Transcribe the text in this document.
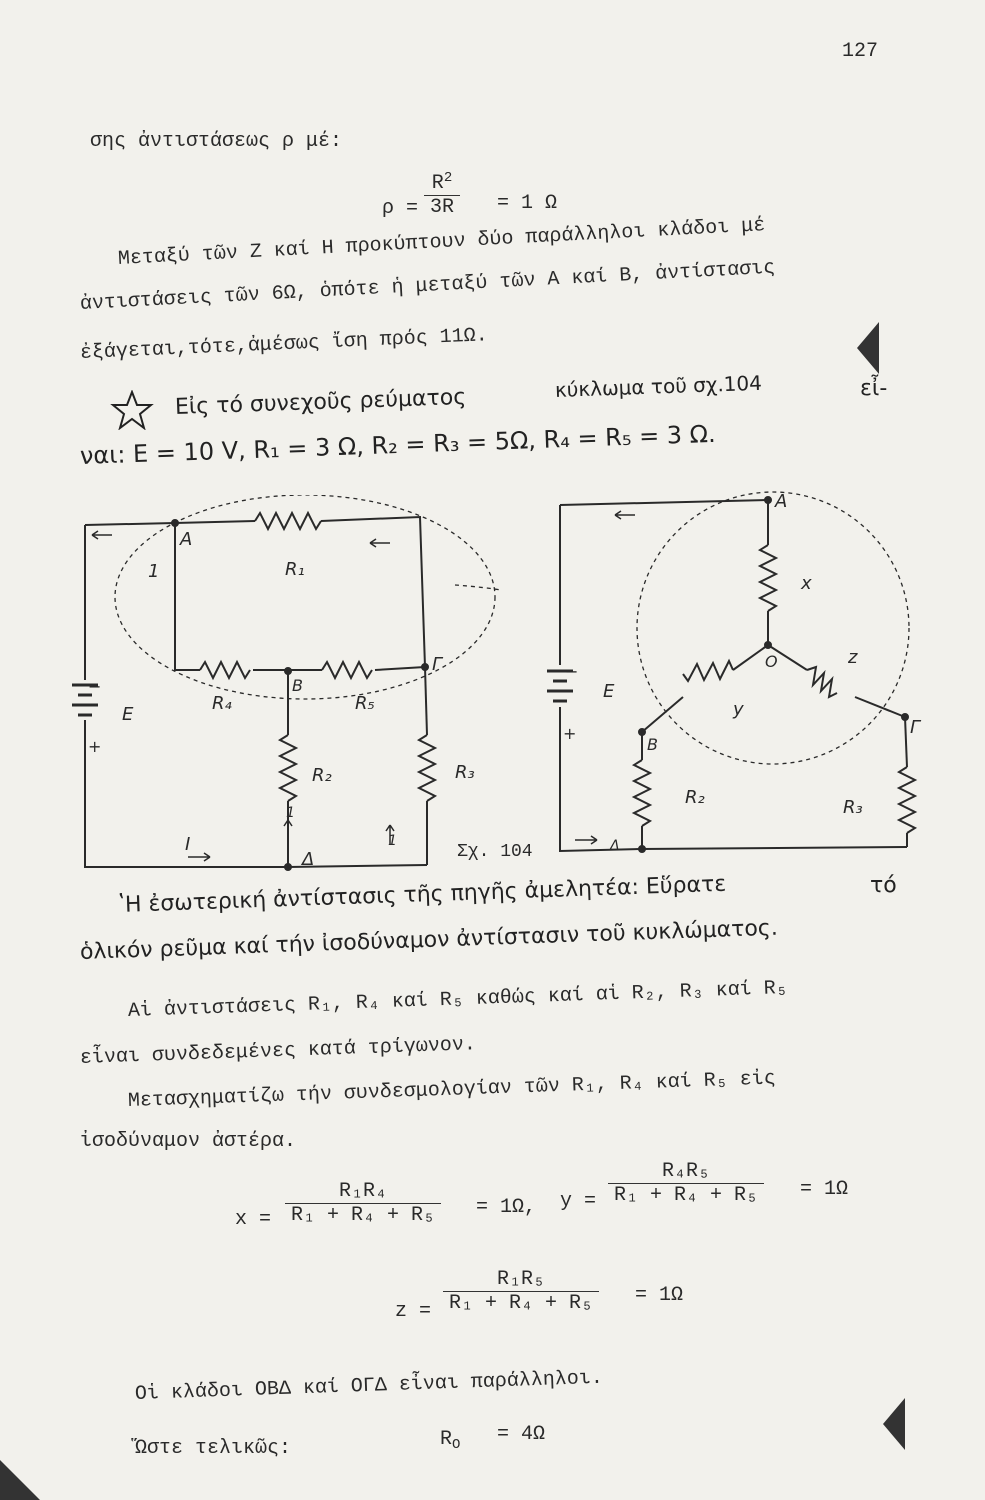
127
σης ἀντιστάσεως ρ μέ:
$\rho = \frac{R^2}{3R} = 1$ Ω
Μεταξύ τῶν Ζ καί Η προκύπτουν δύο παράλληλοι κλάδοι μέ
ἀντιστάσεις τῶν 6Ω, ὁπότε ἡ μεταξύ τῶν Α καί Β, ἀντίστασις
ἐξάγεται,τότε,ἀμέσως ἴση πρός 11Ω.
Εἰς τό συνεχοῦς ρεύματος	κύκλωμα τοῦ σχ.104	εἶ-
ναι: E = 10 V, R₁ = 3 Ω, R₂ = R₃ = 5Ω, R₄ = R₅ = 3 Ω.
A
B
Γ
Δ
E
R₁
R₂	R₃
R₄	R₅
I
1
1
1
+
−
Σχ. 104
A
O
B
Γ
Δ
E
x
y
z
R₂	R₃
+
−
ʽΗ ἐσωτερική ἀντίστασις τῆς πηγῆς ἀμελητέα: Εὕρατε	τό
ὁλικόν ρεῦμα καί τήν ἰσοδύναμον ἀντίστασιν τοῦ κυκλώματος.
Αἱ ἀντιστάσεις R₁, R₄ καί R₅ καθώς καί αἱ R₂, R₃ καί R₅
εἶναι συνδεδεμένες κατά τρίγωνον.
Μετασχηματίζω τήν συνδεσμολογίαν τῶν R₁, R₄ καί R₅ εἰς
ἰσοδύναμον ἀστέρα.
$x = \frac{\text{R₁R₄}}{\text{R₁ + R₄ + R₅}} = 1\Omega$, $y = \frac{\text{R₄R₅}}{\text{R₁ + R₄ + R₅}} = 1\Omega$
$z = \frac{\text{R₁R₅}}{\text{R₁ + R₄ + R₅}} = 1\Omega$
Οἱ κλάδοι ΟΒΔ καί ΟΓΔ εἶναι παράλληλοι.
Ὥστε τελικῶς:	$R_O = 4\Omega$
